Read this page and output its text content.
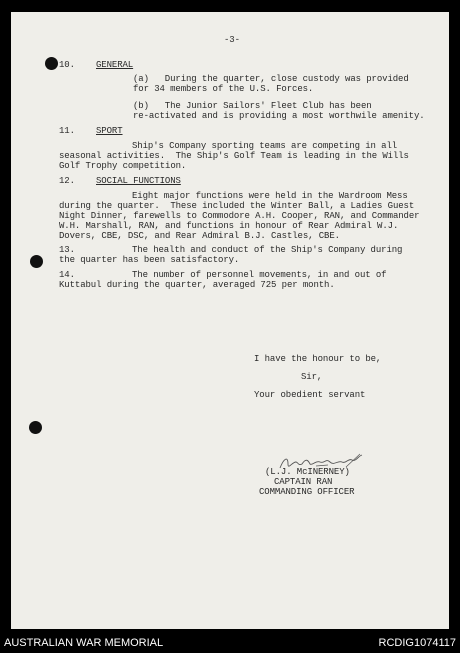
-3-
10. GENERAL
(a)   During the quarter, close custody was provided
for 34 members of the U.S. Forces.
(b)   The Junior Sailors' Fleet Club has been
re-activated and is providing a most worthwile amenity.
11. SPORT
Ship's Company sporting teams are competing in all
seasonal activities.  The Ship's Golf Team is leading in the Wills
Golf Trophy competition.
12. SOCIAL FUNCTIONS
Eight major functions were held in the Wardroom Mess
during the quarter.  These included the Winter Ball, a Ladies Guest
Night Dinner, farewells to Commodore A.H. Cooper, RAN, and Commander
W.H. Marshall, RAN, and functions in honour of Rear Admiral W.J.
Dovers, CBE, DSC, and Rear Admiral B.J. Castles, CBE.
13.	The health and conduct of the Ship's Company during
the quarter has been satisfactory.
14.	The number of personnel movements, in and out of
Kuttabul during the quarter, averaged 725 per month.
I have the honour to be,
Sir,
Your obedient servant
(L.J. McINERNEY)
CAPTAIN RAN
COMMANDING OFFICER
AUSTRALIAN WAR MEMORIAL	RCDIG1074117
